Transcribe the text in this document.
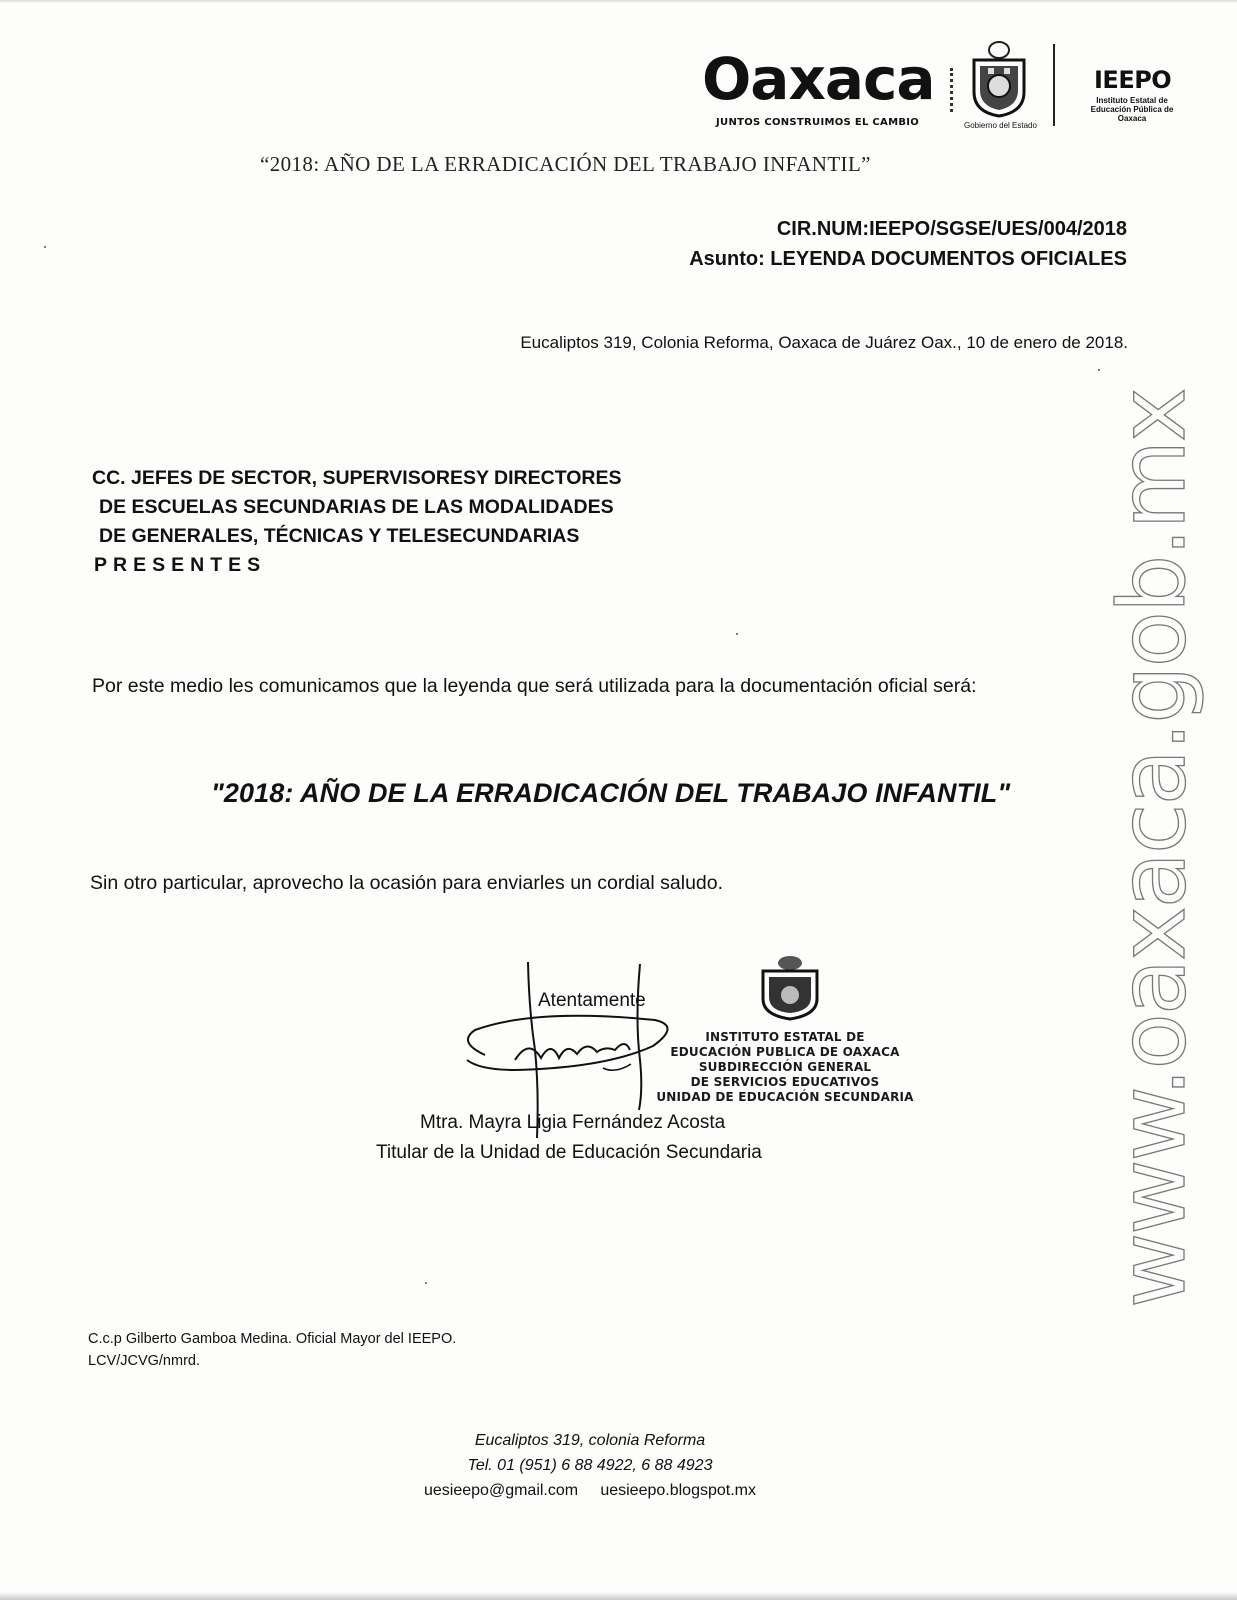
Oaxaca
JUNTOS CONSTRUIMOS EL CAMBIO	Gobierno del Estado
IEEPO
Instituto Estatal de Educación Pública de Oaxaca
“2018: AÑO DE LA ERRADICACIÓN DEL TRABAJO INFANTIL”
CIR.NUM:IEEPO/SGSE/UES/004/2018
Asunto: LEYENDA DOCUMENTOS OFICIALES
Eucaliptos 319, Colonia Reforma, Oaxaca de Juárez Oax., 10 de enero de 2018.
CC. JEFES DE SECTOR, SUPERVISORESY DIRECTORES
DE ESCUELAS SECUNDARIAS DE LAS MODALIDADES
DE GENERALES, TÉCNICAS Y TELESECUNDARIAS
PRESENTES
Por este medio les comunicamos que la leyenda que será utilizada para la documentación oficial será:
"2018: AÑO DE LA ERRADICACIÓN DEL TRABAJO INFANTIL"
Sin otro particular, aprovecho la ocasión para enviarles un cordial saludo.
Atentamente
Mtra. Mayra Ligia Fernández Acosta
Titular de la Unidad de Educación Secundaria
INSTITUTO ESTATAL DE
EDUCACIÓN PUBLICA DE OAXACA
SUBDIRECCIÓN GENERAL
DE SERVICIOS EDUCATIVOS
UNIDAD DE EDUCACIÓN SECUNDARIA
C.c.p Gilberto Gamboa Medina. Oficial Mayor del IEEPO.
LCV/JCVG/nmrd.
Eucaliptos 319, colonia Reforma
Tel. 01 (951) 6 88 4922, 6 88 4923
uesieepo@gmail.com uesieepo.blogspot.mx
www.oaxaca.gob.mx
